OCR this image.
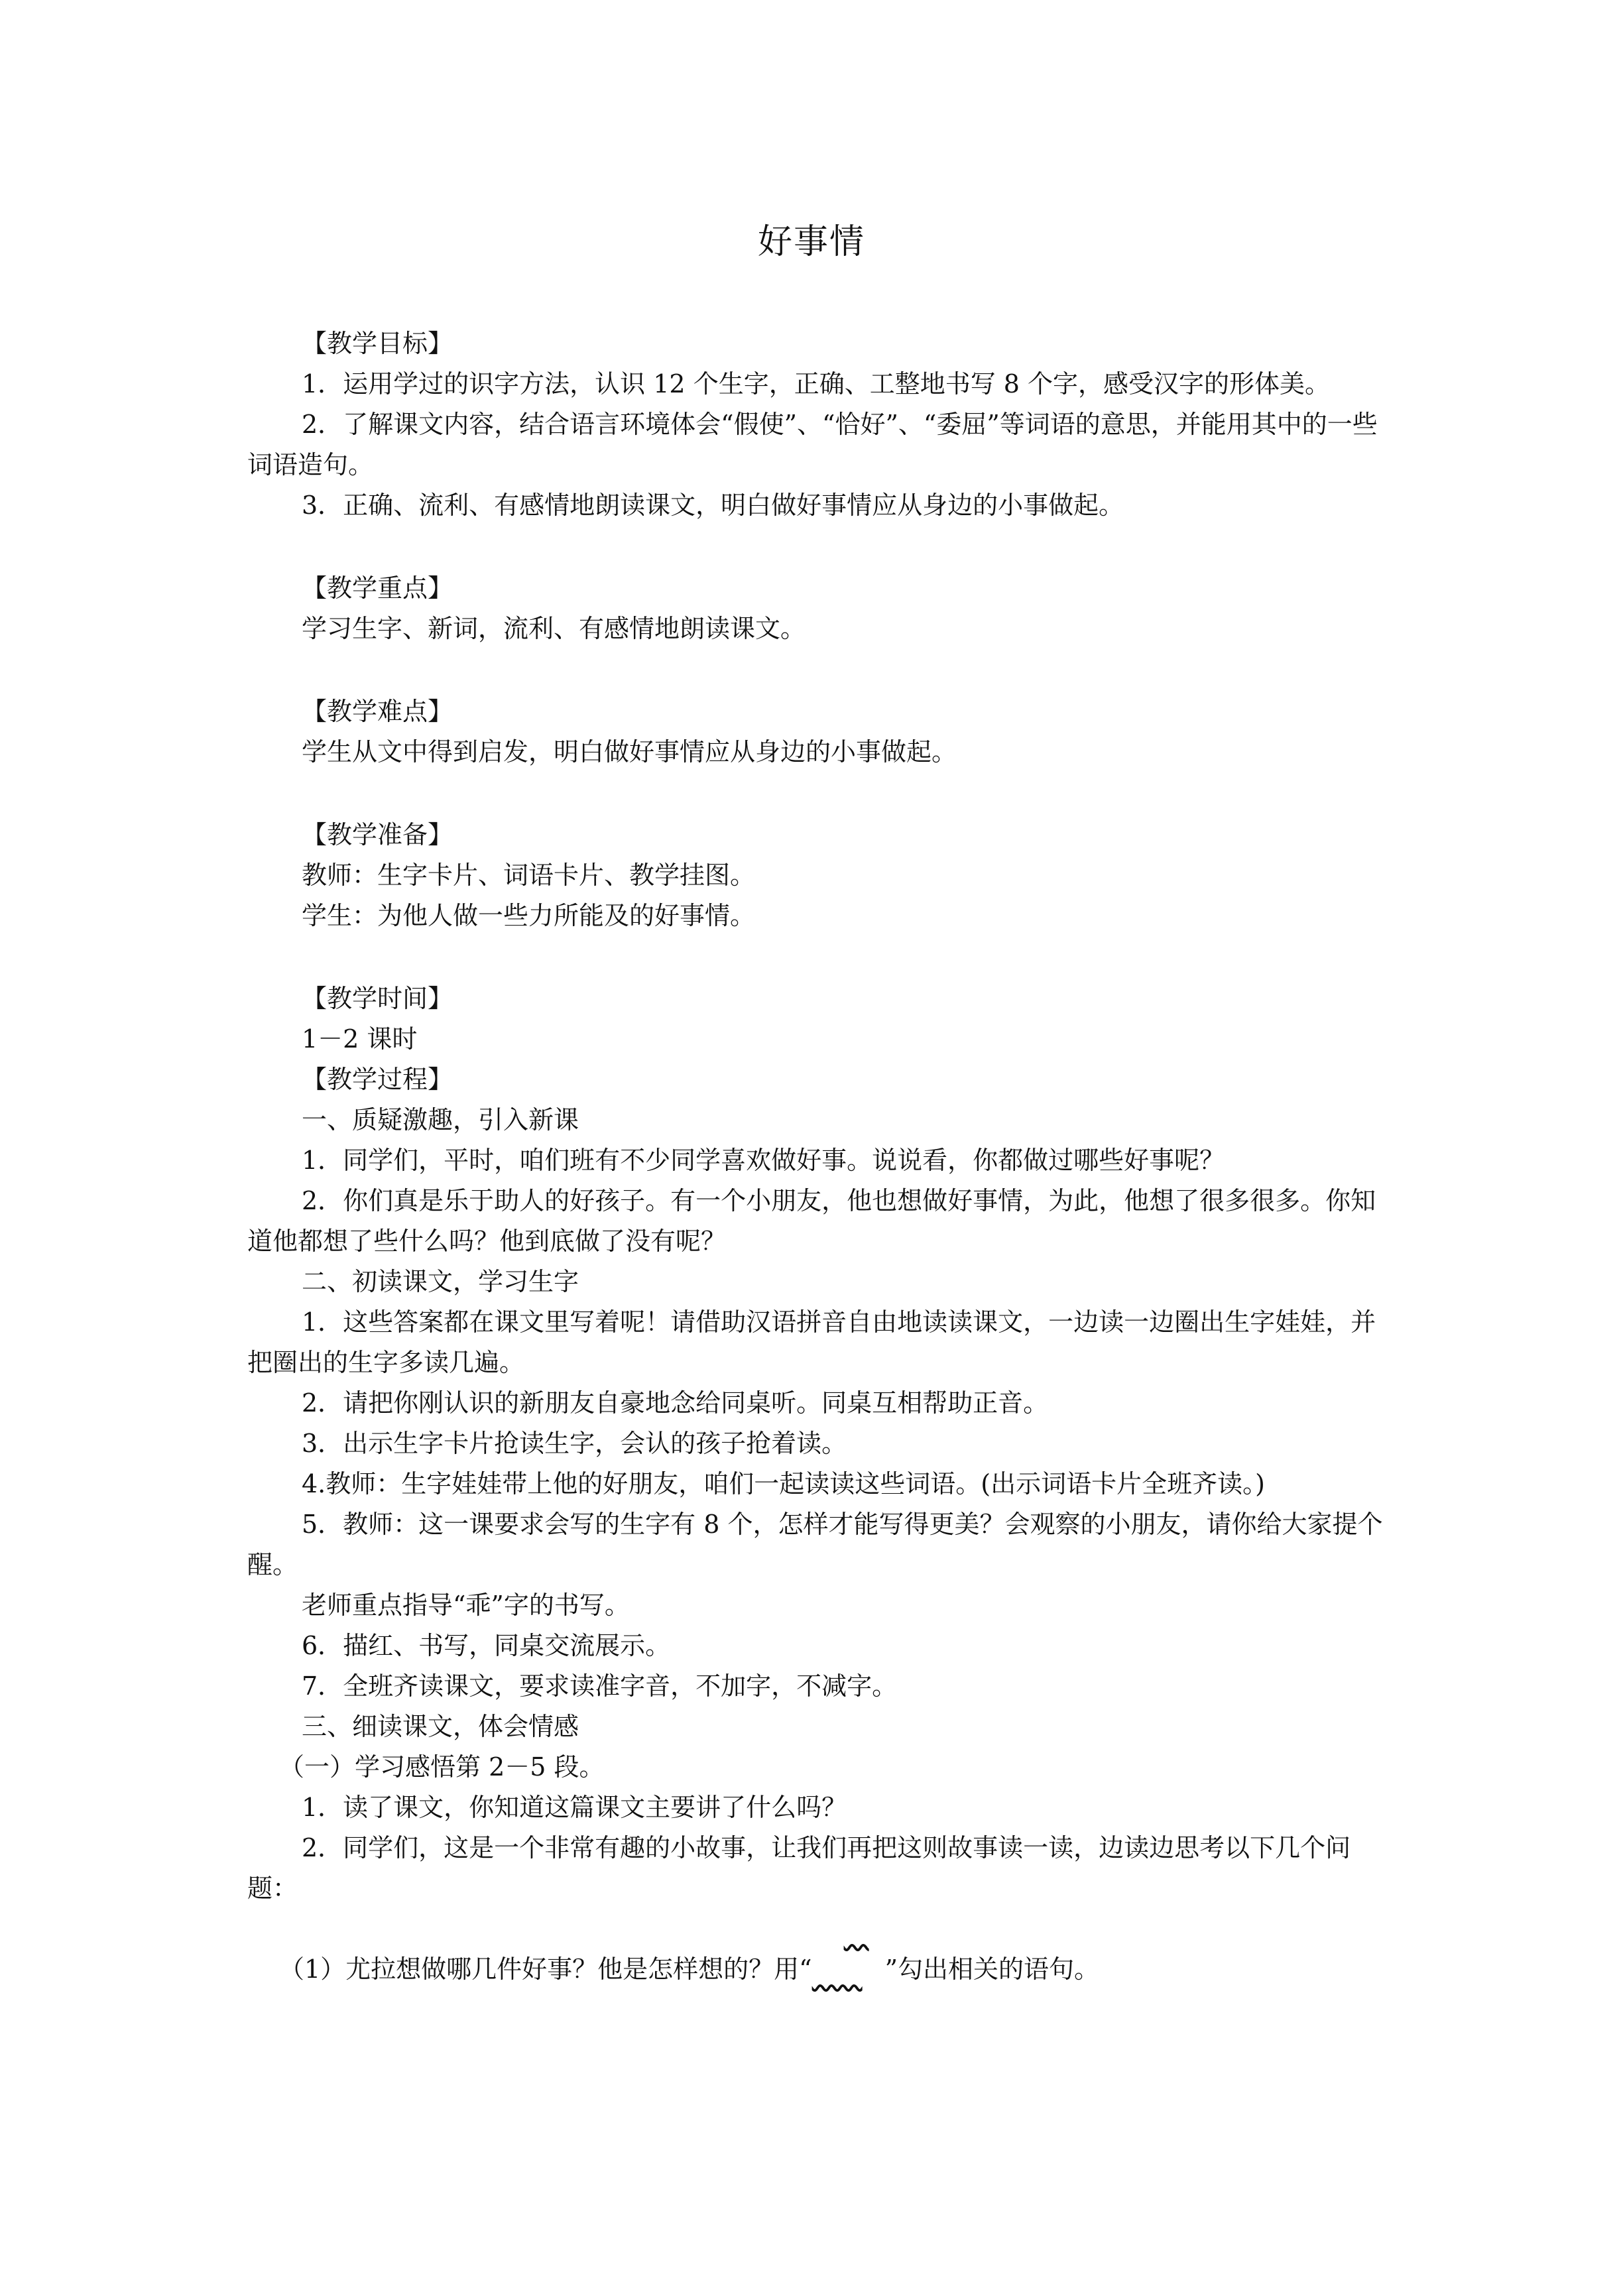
好事情

【教学目标】

1．运用学过的识字方法，认识 12 个生字，正确、工整地书写 8 个字，感受汉字的形体美。

2．了解课文内容，结合语言环境体会“假使”、“恰好”、“委屈”等词语的意思，并能用其中的一些词语造句。

3．正确、流利、有感情地朗读课文，明白做好事情应从身边的小事做起。

【教学重点】

学习生字、新词，流利、有感情地朗读课文。

【教学难点】

学生从文中得到启发，明白做好事情应从身边的小事做起。

【教学准备】

教师：生字卡片、词语卡片、教学挂图。

学生：为他人做一些力所能及的好事情。

【教学时间】

1－2 课时

【教学过程】

一、质疑激趣，引入新课

1．同学们，平时，咱们班有不少同学喜欢做好事。说说看，你都做过哪些好事呢？

2．你们真是乐于助人的好孩子。有一个小朋友，他也想做好事情，为此，他想了很多很多。你知道他都想了些什么吗？他到底做了没有呢？

二、初读课文，学习生字

1．这些答案都在课文里写着呢！请借助汉语拼音自由地读读课文，一边读一边圈出生字娃娃，并把圈出的生字多读几遍。

2．请把你刚认识的新朋友自豪地念给同桌听。同桌互相帮助正音。

3．出示生字卡片抢读生字，会认的孩子抢着读。

4.教师：生字娃娃带上他的好朋友，咱们一起读读这些词语。(出示词语卡片全班齐读。)

5．教师：这一课要求会写的生字有 8 个，怎样才能写得更美？会观察的小朋友，请你给大家提个醒。

老师重点指导“乖”字的书写。

6．描红、书写，同桌交流展示。

7．全班齐读课文，要求读准字音，不加字，不减字。

三、细读课文，体会情感

（一）学习感悟第 2－5 段。

1．读了课文，你知道这篇课文主要讲了什么吗？

2．同学们，这是一个非常有趣的小故事，让我们再把这则故事读一读，边读边思考以下几个问题：

（1）尤拉想做哪几件好事？他是怎样想的？用“	”勾出相关的语句。
